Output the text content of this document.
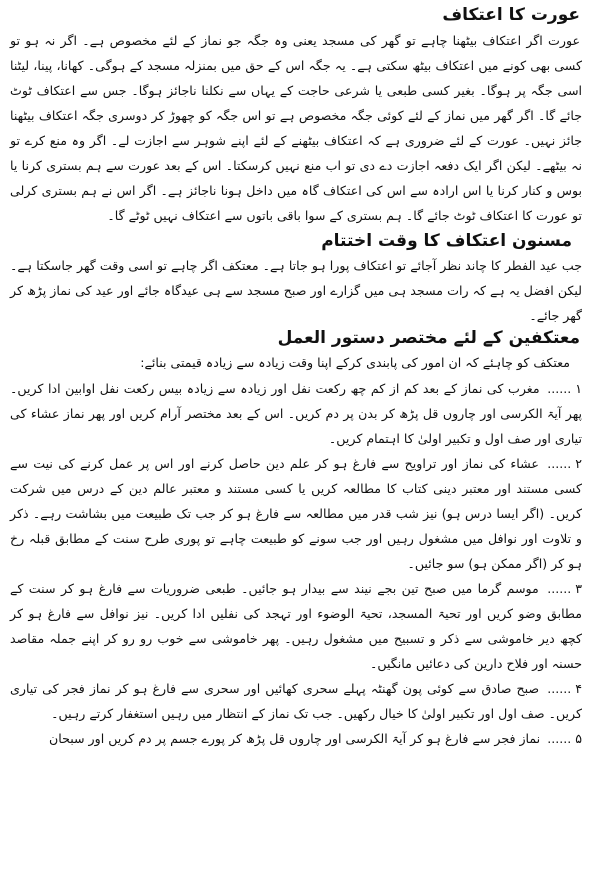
عورت کا اعتکاف

عورت اگر اعتکاف بیٹھنا چاہے تو گھر کی مسجد یعنی وہ جگہ جو نماز کے لئے مخصوص ہے۔ اگر نہ ہو تو کسی بھی کونے میں اعتکاف بیٹھ سکتی ہے۔ یہ جگہ اس کے حق میں بمنزلہ مسجد کے ہوگی۔ کھانا، پینا، لیٹنا اسی جگہ پر ہوگا۔ بغیر کسی طبعی یا شرعی حاجت کے یہاں سے نکلنا ناجائز ہوگا۔ جس سے اعتکاف ٹوٹ جائے گا۔ اگر گھر میں نماز کے لئے کوئی جگہ مخصوص ہے تو اس جگہ کو چھوڑ کر دوسری جگہ اعتکاف بیٹھنا جائز نہیں۔ عورت کے لئے ضروری ہے کہ اعتکاف بیٹھنے کے لئے اپنے شوہر سے اجازت لے۔ اگر وہ منع کرے تو نہ بیٹھے۔ لیکن اگر ایک دفعہ اجازت دے دی تو اب منع نہیں کرسکتا۔ اس کے بعد عورت سے ہم بستری کرنا یا بوس و کنار کرنا یا اس ارادہ سے اس کی اعتکاف گاہ میں داخل ہونا ناجائز ہے۔ اگر اس نے ہم بستری کرلی تو عورت کا اعتکاف ٹوٹ جائے گا۔ ہم بستری کے سوا باقی باتوں سے اعتکاف نہیں ٹوٹے گا۔

مسنون اعتکاف کا وقت اختتام

جب عید الفطر کا چاند نظر آجائے تو اعتکاف پورا ہو جاتا ہے۔ معتکف اگر چاہے تو اسی وقت گھر جاسکتا ہے۔ لیکن افضل یہ ہے کہ رات مسجد ہی میں گزارے اور صبح مسجد سے ہی عیدگاہ جائے اور عید کی نماز پڑھ کر گھر جائے۔

معتکفین کے لئے مختصر دستور العمل

معتکف کو چاہئے کہ ان امور کی پابندی کرکے اپنا وقت زیادہ سے زیادہ قیمتی بنائے:

۱...... مغرب کی نماز کے بعد کم از کم چھ رکعت نفل اور زیادہ سے زیادہ بیس رکعت نفل اوابین ادا کریں۔ پھر آیۃ الکرسی اور چاروں قل پڑھ کر بدن پر دم کریں۔ اس کے بعد مختصر آرام کریں اور پھر نماز عشاء کی تیاری اور صف اول و تکبیر اولیٰ کا اہتمام کریں۔

۲...... عشاء کی نماز اور تراویح سے فارغ ہو کر علم دین حاصل کرنے اور اس پر عمل کرنے کی نیت سے کسی مستند اور معتبر دینی کتاب کا مطالعہ کریں یا کسی مستند و معتبر عالم دین کے درس میں شرکت کریں۔ (اگر ایسا درس ہو) نیز شب قدر میں مطالعہ سے فارغ ہو کر جب تک طبیعت میں بشاشت رہے۔ ذکر و تلاوت اور نوافل میں مشغول رہیں اور جب سونے کو طبیعت چاہے تو پوری طرح سنت کے مطابق قبلہ رخ ہو کر (اگر ممکن ہو) سو جائیں۔

۳...... موسم گرما میں صبح تین بجے نیند سے بیدار ہو جائیں۔ طبعی ضروریات سے فارغ ہو کر سنت کے مطابق وضو کریں اور تحیۃ المسجد، تحیۃ الوضوء اور تہجد کی نفلیں ادا کریں۔ نیز نوافل سے فارغ ہو کر کچھ دیر خاموشی سے ذکر و تسبیح میں مشغول رہیں۔ پھر خاموشی سے خوب رو رو کر اپنے جملہ مقاصد حسنہ اور فلاح دارین کی دعائیں مانگیں۔

۴...... صبح صادق سے کوئی پون گھنٹہ پہلے سحری کھائیں اور سحری سے فارغ ہو کر نماز فجر کی تیاری کریں۔ صف اول اور تکبیر اولیٰ کا خیال رکھیں۔ جب تک نماز کے انتظار میں رہیں استغفار کرتے رہیں۔

۵...... نماز فجر سے فارغ ہو کر آیۃ الکرسی اور چاروں قل پڑھ کر پورے جسم پر دم کریں اور سبحان
